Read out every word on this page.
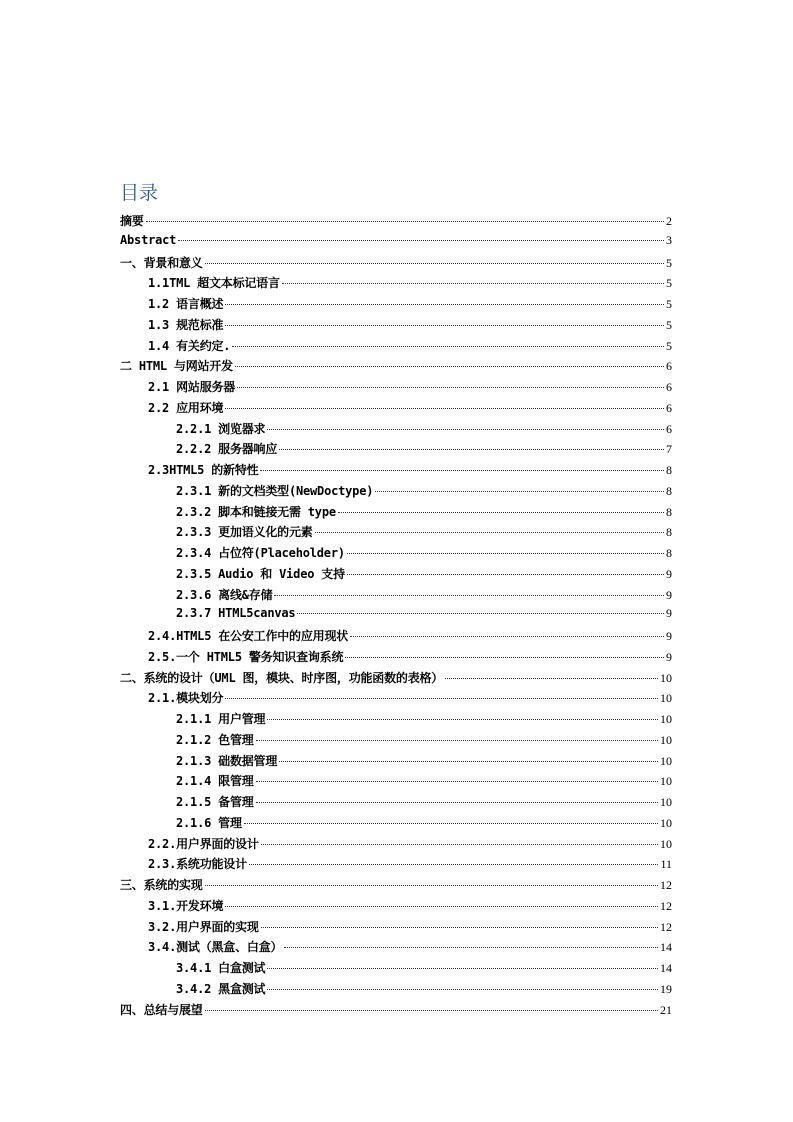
目录
摘要	2
Abstract	3
一、背景和意义	5
1.1TML 超文本标记语言	5
1.2 语言概述	5
1.3 规范标准	5
1.4 有关约定.	5
二 HTML 与网站开发	6
2.1 网站服务器	6
2.2 应用环境	6
2.2.1 浏览器求	6
2.2.2 服务器响应	7
2.3HTML5 的新特性	8
2.3.1 新的文档类型(NewDoctype)	8
2.3.2 脚本和链接无需 type	8
2.3.3 更加语义化的元素	8
2.3.4 占位符(Placeholder)	8
2.3.5 Audio 和 Video 支持	9
2.3.6 离线&存储	9
2.3.7 HTML5canvas	9
2.4.HTML5 在公安工作中的应用现状	9
2.5.一个 HTML5 警务知识查询系统	9
二、系统的设计（UML 图，模块、时序图，功能函数的表格）	10
2.1.模块划分	10
2.1.1 用户管理	10
2.1.2 色管理	10
2.1.3 础数据管理	10
2.1.4 限管理	10
2.1.5 备管理	10
2.1.6 管理	10
2.2.用户界面的设计	10
2.3.系统功能设计	11
三、系统的实现	12
3.1.开发环境	12
3.2.用户界面的实现	12
3.4.测试（黑盒、白盒）	14
3.4.1 白盒测试	14
3.4.2 黑盒测试	19
四、总结与展望	21
